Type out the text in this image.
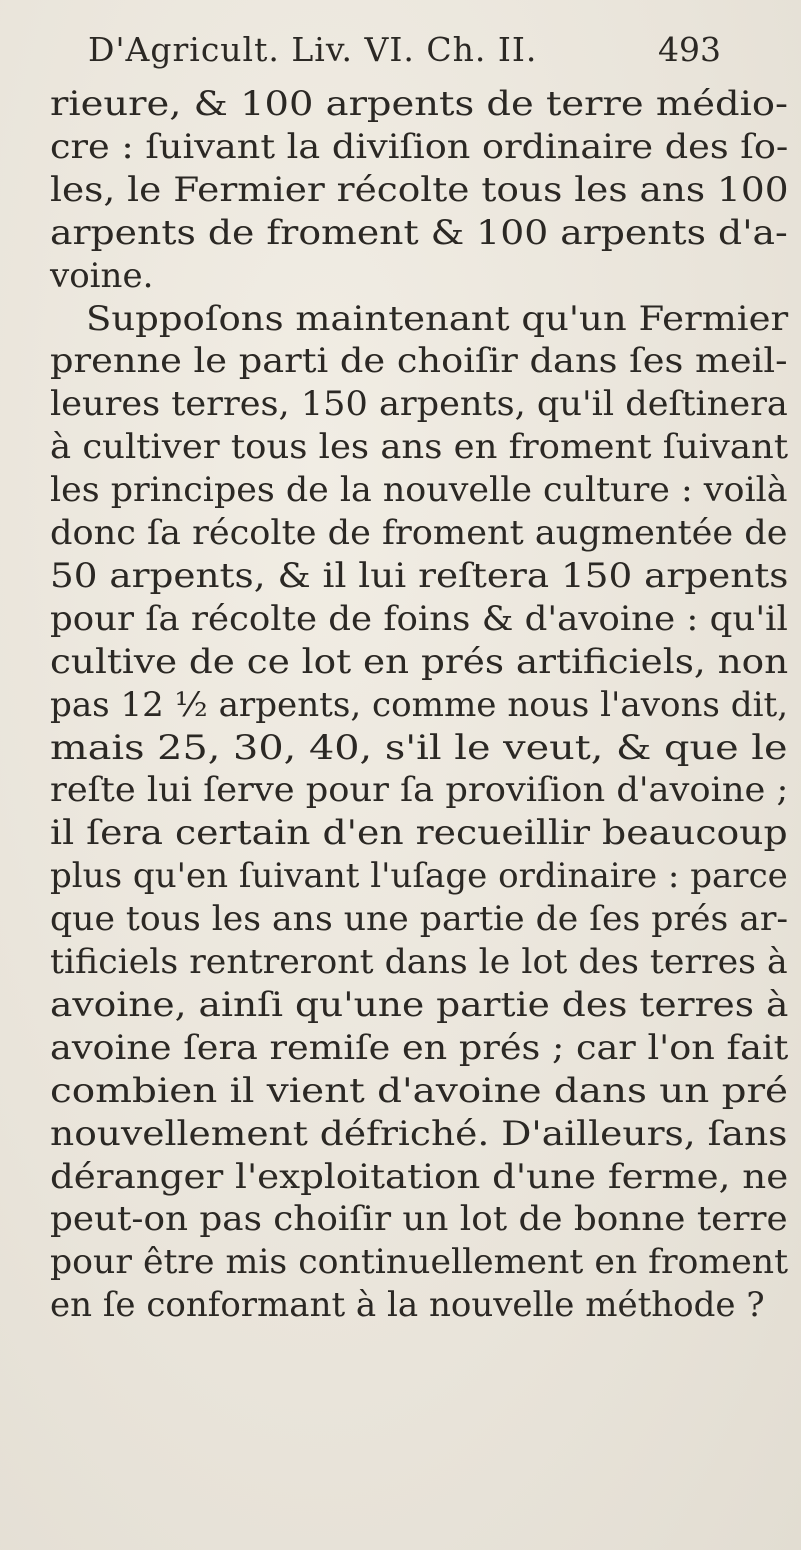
D'Agricult. Liv. VI. Ch. II.	493
rieure, & 100 arpents de terre médio-
cre : ſuivant la diviſion ordinaire des ſo-
les, le Fermier récolte tous les ans 100
arpents de froment & 100 arpents d'a-
voine.
Suppoſons maintenant qu'un Fermier
prenne le parti de choiſir dans ſes meil-
leures terres, 150 arpents, qu'il deſtinera
à cultiver tous les ans en froment ſuivant
les principes de la nouvelle culture : voilà
donc ſa récolte de froment augmentée de
50 arpents, & il lui reſtera 150 arpents
pour ſa récolte de foins & d'avoine : qu'il
cultive de ce lot en prés artificiels, non
pas 12 ½ arpents, comme nous l'avons dit,
mais 25, 30, 40, s'il le veut, & que le
reſte lui ſerve pour ſa proviſion d'avoine ;
il ſera certain d'en recueillir beaucoup
plus qu'en ſuivant l'uſage ordinaire : parce
que tous les ans une partie de ſes prés ar-
tificiels rentreront dans le lot des terres à
avoine, ainſi qu'une partie des terres à
avoine ſera remiſe en prés ; car l'on fait
combien il vient d'avoine dans un pré
nouvellement défriché. D'ailleurs, ſans
déranger l'exploitation d'une ferme, ne
peut-on pas choiſir un lot de bonne terre
pour être mis continuellement en froment
en ſe conformant à la nouvelle méthode ?
